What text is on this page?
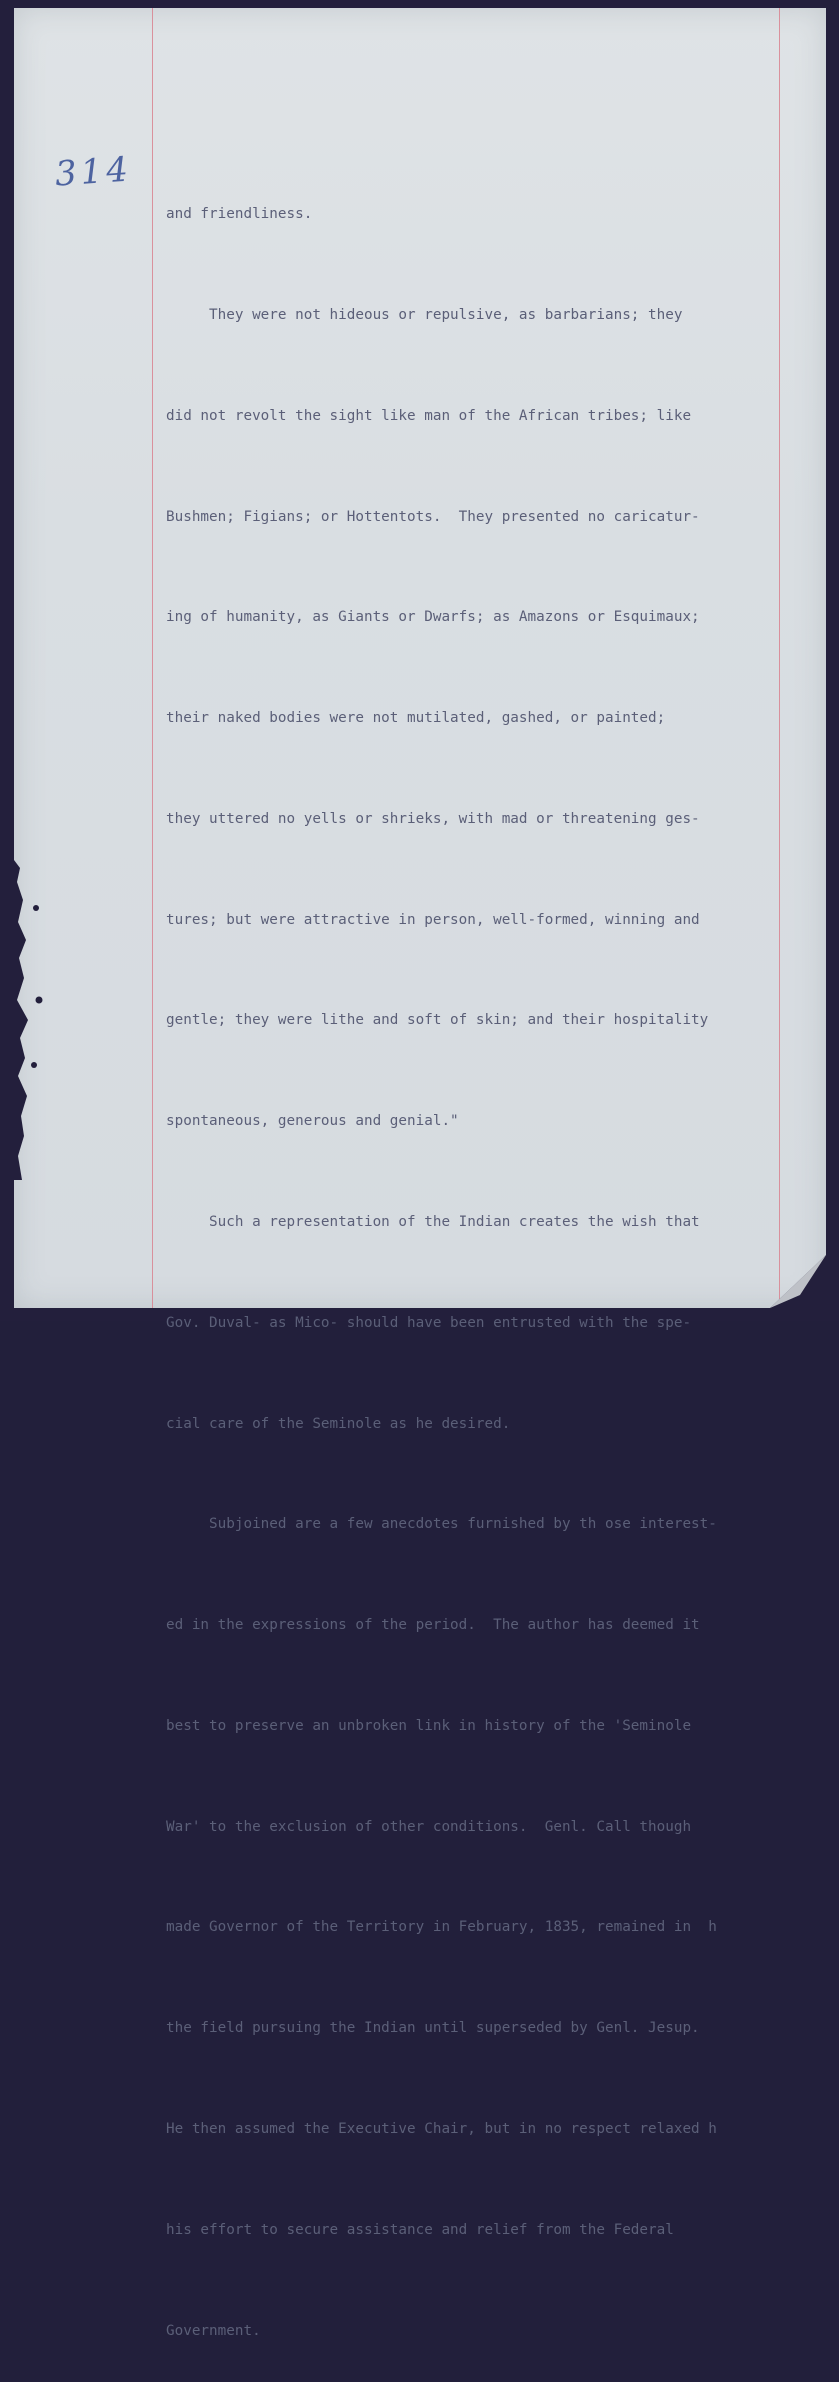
314

and friendliness.

They were not hideous or repulsive, as barbarians; they

did not revolt the sight like man of the African tribes; like

Bushmen; Figians; or Hottentots.  They presented no caricatur-

ing of humanity, as Giants or Dwarfs; as Amazons or Esquimaux;

their naked bodies were not mutilated, gashed, or painted;

they uttered no yells or shrieks, with mad or threatening ges-

tures; but were attractive in person, well-formed, winning and

gentle; they were lithe and soft of skin; and their hospitality

spontaneous, generous and genial."

Such a representation of the Indian creates the wish that

Gov. Duval- as Mico- should have been entrusted with the spe-

cial care of the Seminole as he desired.

Subjoined are a few anecdotes furnished by th ose interest-

ed in the expressions of the period.  The author has deemed it

best to preserve an unbroken link in history of the 'Seminole

War' to the exclusion of other conditions.  Genl. Call though

made Governor of the Territory in February, 1835, remained in  h

the field pursuing the Indian until superseded by Genl. Jesup.

He then assumed the Executive Chair, but in no respect relaxed h

his effort to secure assistance and relief from the Federal

Government.
